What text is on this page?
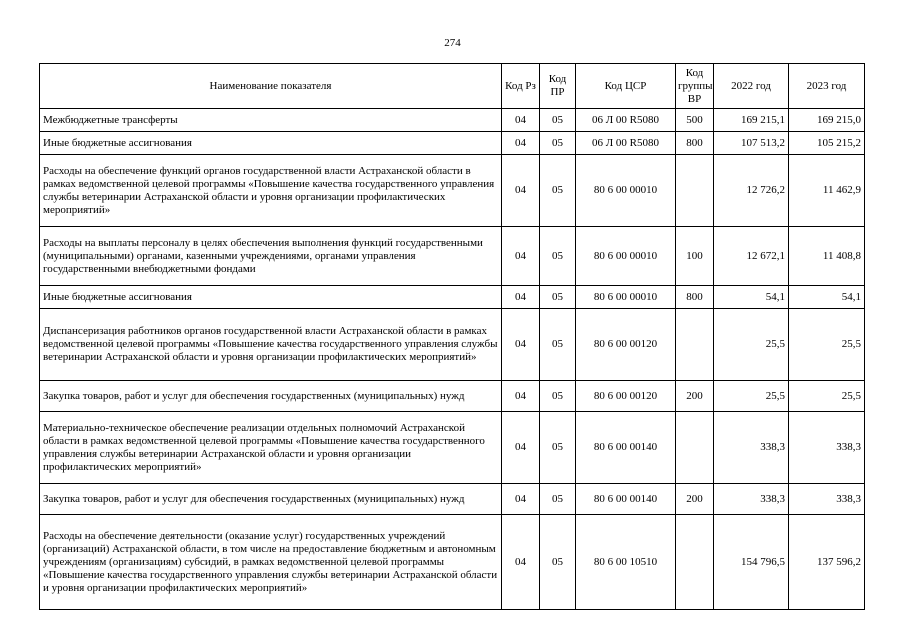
274
Наименование показателя	Код Рз	Код ПР	Код ЦСР	Код группы ВР	2022 год	2023 год
Межбюджетные трансферты	04	05	06 Л 00 R5080	500	169 215,1	169 215,0
Иные бюджетные ассигнования	04	05	06 Л 00 R5080	800	107 513,2	105 215,2
Расходы на обеспечение функций органов государственной власти Астраханской области в рамках ведомственной целевой программы «Повышение качества государственного управления службы ветеринарии Астраханской области и уровня организации профилактических мероприятий»	04	05	80 6 00 00010		12 726,2	11 462,9
Расходы на выплаты персоналу в целях обеспечения выполнения функций государственными (муниципальными) органами, казенными учреждениями, органами управления государственными внебюджетными фондами	04	05	80 6 00 00010	100	12 672,1	11 408,8
Иные бюджетные ассигнования	04	05	80 6 00 00010	800	54,1	54,1
Диспансеризация работников органов государственной власти Астраханской области в рамках ведомственной целевой программы «Повышение качества государственного управления службы ветеринарии Астраханской области и уровня организации профилактических мероприятий»	04	05	80 6 00 00120		25,5	25,5
Закупка товаров, работ и услуг для обеспечения государственных (муниципальных) нужд	04	05	80 6 00 00120	200	25,5	25,5
Материально-техническое обеспечение реализации отдельных полномочий Астраханской области в рамках ведомственной целевой программы «Повышение качества государственного управления службы ветеринарии Астраханской области и уровня организации профилактических мероприятий»	04	05	80 6 00 00140		338,3	338,3
Закупка товаров, работ и услуг для обеспечения государственных (муниципальных) нужд	04	05	80 6 00 00140	200	338,3	338,3
Расходы на обеспечение деятельности (оказание услуг) государственных учреждений (организаций) Астраханской области, в том числе на предоставление бюджетным и автономным учреждениям (организациям) субсидий, в рамках ведомственной целевой программы «Повышение качества государственного управления службы ветеринарии Астраханской области и уровня организации профилактических мероприятий»	04	05	80 6 00 10510		154 796,5	137 596,2
